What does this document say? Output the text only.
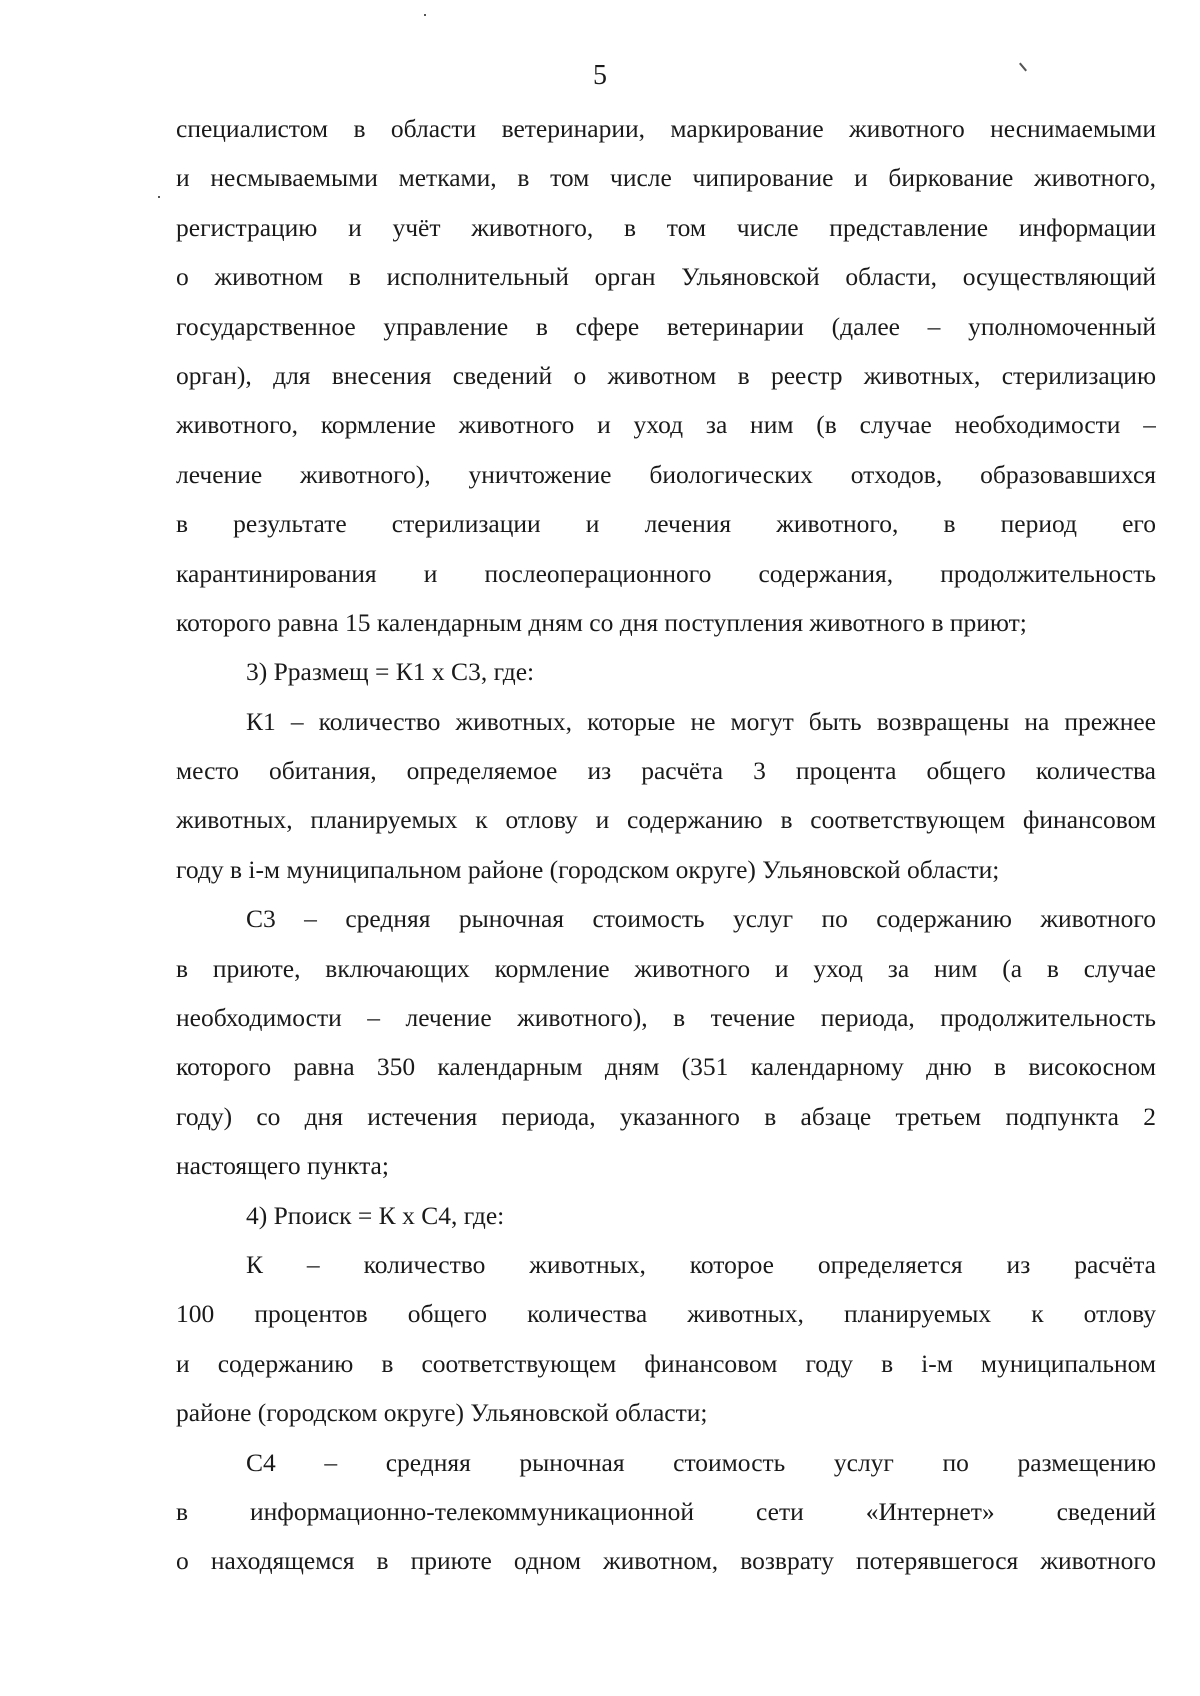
5
специалистом в области ветеринарии, маркирование животного неснимаемыми
и несмываемыми метками, в том числе чипирование и биркование животного,
регистрацию и учёт животного, в том числе представление информации
о животном в исполнительный орган Ульяновской области, осуществляющий
государственное управление в сфере ветеринарии (далее – уполномоченный
орган), для внесения сведений о животном в реестр животных, стерилизацию
животного, кормление животного и уход за ним (в случае необходимости –
лечение животного), уничтожение биологических отходов, образовавшихся
в результате стерилизации и лечения животного, в период его
карантинирования и послеоперационного содержания, продолжительность
которого равна 15 календарным дням со дня поступления животного в приют;
3) Рразмещ = К1 х С3, где:
К1 – количество животных, которые не могут быть возвращены на прежнее
место обитания, определяемое из расчёта 3 процента общего количества
животных, планируемых к отлову и содержанию в соответствующем финансовом
году в i-м муниципальном районе (городском округе) Ульяновской области;
С3 – средняя рыночная стоимость услуг по содержанию животного
в приюте, включающих кормление животного и уход за ним (а в случае
необходимости – лечение животного), в течение периода, продолжительность
которого равна 350 календарным дням (351 календарному дню в високосном
году) со дня истечения периода, указанного в абзаце третьем подпункта 2
настоящего пункта;
4) Рпоиск = К х С4, где:
К – количество животных, которое определяется из расчёта
100 процентов общего количества животных, планируемых к отлову
и содержанию в соответствующем финансовом году в i-м муниципальном
районе (городском округе) Ульяновской области;
С4 – средняя рыночная стоимость услуг по размещению
в информационно-телекоммуникационной сети «Интернет» сведений
о находящемся в приюте одном животном, возврату потерявшегося животного
